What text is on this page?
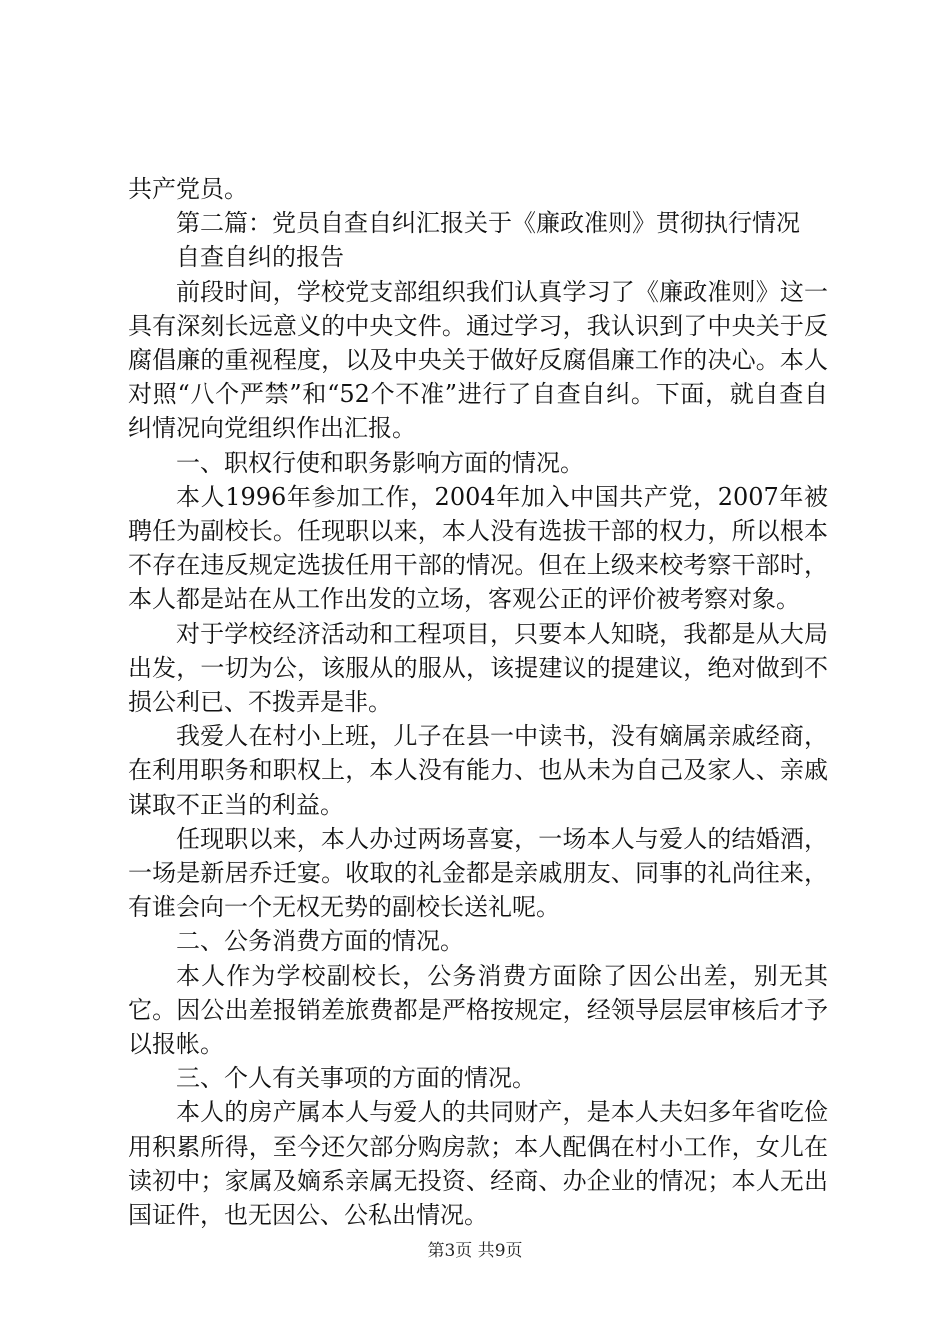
共产党员。

第二篇：党员自查自纠汇报关于《廉政准则》贯彻执行情况

自查自纠的报告

前段时间，学校党支部组织我们认真学习了《廉政准则》这一具有深刻长远意义的中央文件。通过学习，我认识到了中央关于反腐倡廉的重视程度，以及中央关于做好反腐倡廉工作的决心。本人对照“八个严禁”和“52个不准”进行了自查自纠。下面，就自查自纠情况向党组织作出汇报。

一、职权行使和职务影响方面的情况。

本人1996年参加工作，2004年加入中国共产党，2007年被聘任为副校长。任现职以来，本人没有选拔干部的权力，所以根本不存在违反规定选拔任用干部的情况。但在上级来校考察干部时，本人都是站在从工作出发的立场，客观公正的评价被考察对象。

对于学校经济活动和工程项目，只要本人知晓，我都是从大局出发，一切为公，该服从的服从，该提建议的提建议，绝对做到不损公利已、不拨弄是非。

我爱人在村小上班，儿子在县一中读书，没有嫡属亲戚经商，在利用职务和职权上，本人没有能力、也从未为自己及家人、亲戚谋取不正当的利益。

任现职以来，本人办过两场喜宴，一场本人与爱人的结婚酒，一场是新居乔迁宴。收取的礼金都是亲戚朋友、同事的礼尚往来，有谁会向一个无权无势的副校长送礼呢。

二、公务消费方面的情况。

本人作为学校副校长，公务消费方面除了因公出差，别无其它。因公出差报销差旅费都是严格按规定，经领导层层审核后才予以报帐。

三、个人有关事项的方面的情况。

本人的房产属本人与爱人的共同财产，是本人夫妇多年省吃俭用积累所得，至今还欠部分购房款；本人配偶在村小工作，女儿在读初中；家属及嫡系亲属无投资、经商、办企业的情况；本人无出国证件，也无因公、公私出情况。

第3页 共9页
